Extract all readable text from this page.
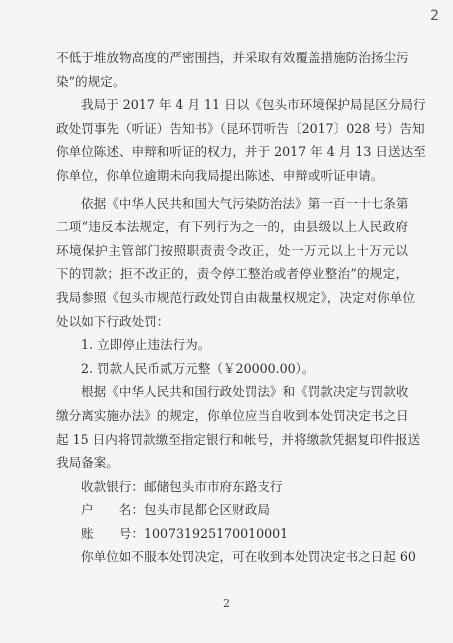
2
不低于堆放物高度的严密围挡，并采取有效覆盖措施防治扬尘污
染”的规定。
我局于 2017 年 4 月 11 日以《包头市环境保护局昆区分局行
政处罚事先（听证）告知书》（昆环罚听告〔2017〕028 号）告知
你单位陈述、申辩和听证的权力，并于 2017 年 4 月 13 日送达至
你单位，你单位逾期未向我局提出陈述、申辩或听证申请。
依据《中华人民共和国大气污染防治法》第一百一十七条第
二项“违反本法规定，有下列行为之一的，由县级以上人民政府
环境保护主管部门按照职责责令改正，处一万元以上十万元以
下的罚款；拒不改正的，责令停工整治或者停业整治”的规定，
我局参照《包头市规范行政处罚自由裁量权规定》，决定对你单位
处以如下行政处罚：
1. 立即停止违法行为。
2. 罚款人民币贰万元整（￥20000.00）。
根据《中华人民共和国行政处罚法》和《罚款决定与罚款收
缴分离实施办法》的规定，你单位应当自收到本处罚决定书之日
起 15 日内将罚款缴至指定银行和帐号，并将缴款凭据复印件报送
我局备案。
收款银行：邮储包头市市府东路支行
户　　名：包头市昆都仑区财政局
账　　号：100731925170010001
你单位如不服本处罚决定，可在收到本处罚决定书之日起 60
2
